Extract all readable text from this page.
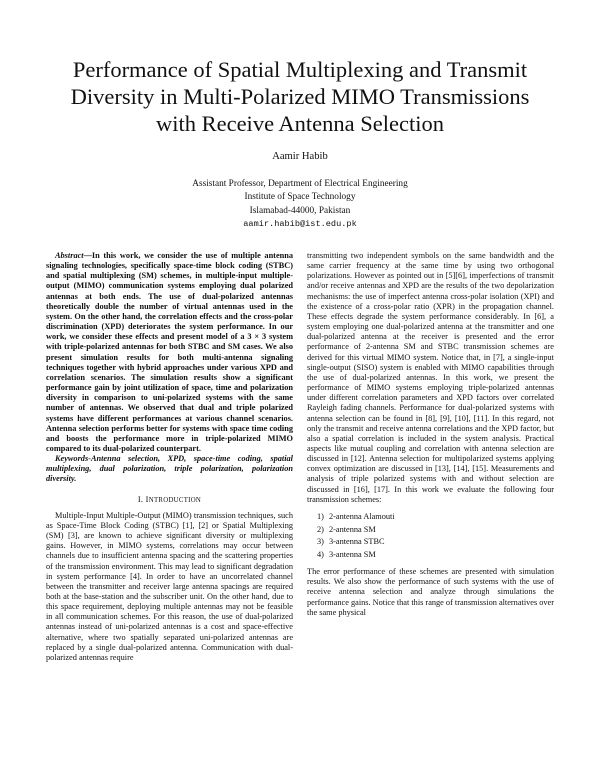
Performance of Spatial Multiplexing and Transmit
Diversity in Multi-Polarized MIMO Transmissions
with Receive Antenna Selection
Aamir Habib
Assistant Professor, Department of Electrical Engineering
Institute of Space Technology
Islamabad-44000, Pakistan
aamir.habib@ist.edu.pk

Abstract—In this work, we consider the use of multiple antenna signaling technologies, specifically space-time block coding (STBC) and spatial multiplexing (SM) schemes, in multiple-input multiple-output (MIMO) communication systems employing dual polarized antennas at both ends. The use of dual-polarized antennas theoretically double the number of virtual antennas used in the system. On the other hand, the correlation effects and the cross-polar discrimination (XPD) deteriorates the system performance. In our work, we consider these effects and present model of a 3 × 3 system with triple-polarized antennas for both STBC and SM cases. We also present simulation results for both multi-antenna signaling techniques together with hybrid approaches under various XPD and correlation scenarios. The simulation results show a significant performance gain by joint utilization of space, time and polarization diversity in comparison to uni-polarized systems with the same number of antennas. We observed that dual and triple polarized systems have different performances at various channel scenarios. Antenna selection performs better for systems with space time coding and boosts the performance more in triple-polarized MIMO compared to its dual-polarized counterpart.

Keywords-Antenna selection, XPD, space-time coding, spatial multiplexing, dual polarization, triple polarization, polarization diversity.

I. INTRODUCTION

Multiple-Input Multiple-Output (MIMO) transmission techniques, such as Space-Time Block Coding (STBC) [1], [2] or Spatial Multiplexing (SM) [3], are known to achieve significant diversity or multiplexing gains. However, in MIMO systems, correlations may occur between channels due to insufficient antenna spacing and the scattering properties of the transmission environment. This may lead to significant degradation in system performance [4]. In order to have an uncorrelated channel between the transmitter and receiver large antenna spacings are required both at the base-station and the subscriber unit. On the other hand, due to this space requirement, deploying multiple antennas may not be feasible in all communication schemes. For this reason, the use of dual-polarized antennas instead of uni-polarized antennas is a cost and space-effective alternative, where two spatially separated uni-polarized antennas are replaced by a single dual-polarized antenna. Communication with dual-polarized antennas require

transmitting two independent symbols on the same bandwidth and the same carrier frequency at the same time by using two orthogonal polarizations. However as pointed out in [5][6], imperfections of transmit and/or receive antennas and XPD are the results of the two depolarization mechanisms: the use of imperfect antenna cross-polar isolation (XPI) and the existence of a cross-polar ratio (XPR) in the propagation channel. These effects degrade the system performance considerably. In [6], a system employing one dual-polarized antenna at the transmitter and one dual-polarized antenna at the receiver is presented and the error performance of 2-antenna SM and STBC transmission schemes are derived for this virtual MIMO system. Notice that, in [7], a single-input single-output (SISO) system is enabled with MIMO capabilities through the use of dual-polarized antennas. In this work, we present the performance of MIMO systems employing triple-polarized antennas under different correlation parameters and XPD factors over correlated Rayleigh fading channels. Performance for dual-polarized systems with antenna selection can be found in [8], [9], [10], [11]. In this regard, not only the transmit and receive antenna correlations and the XPD factor, but also a spatial correlation is included in the system analysis. Practical aspects like mutual coupling and correlation with antenna selection are discussed in [12]. Antenna selection for multipolarized systems applying convex optimization are discussed in [13], [14], [15]. Measurements and analysis of triple polarized systems with and without selection are discussed in [16], [17]. In this work we evaluate the following four transmission schemes:

1) 2-antenna Alamouti
2) 2-antenna SM
3) 3-antenna STBC
4) 3-antenna SM

The error performance of these schemes are presented with simulation results. We also show the performance of such systems with the use of receive antenna selection and analyze through simulations the performance gains. Notice that this range of transmission alternatives over the same physical
